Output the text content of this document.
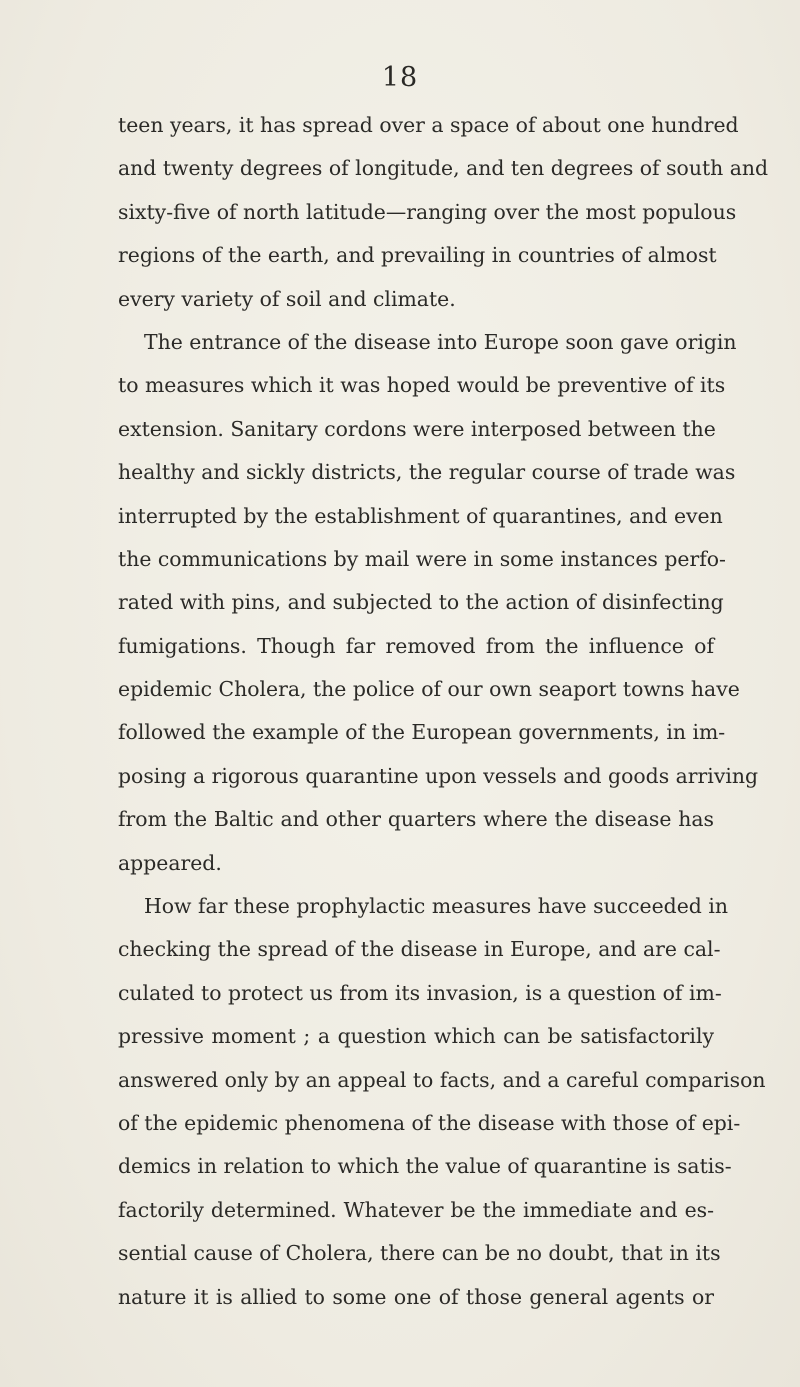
18
teen years, it has spread over a space of about one hundred
and twenty degrees of longitude, and ten degrees of south and
sixty-five of north latitude—ranging over the most populous
regions of the earth, and prevailing in countries of almost
every variety of soil and climate.
The entrance of the disease into Europe soon gave origin
to measures which it was hoped would be preventive of its
extension. Sanitary cordons were interposed between the
healthy and sickly districts, the regular course of trade was
interrupted by the establishment of quarantines, and even
the communications by mail were in some instances perfo-
rated with pins, and subjected to the action of disinfecting
fumigations. Though far removed from the influence of
epidemic Cholera, the police of our own seaport towns have
followed the example of the European governments, in im-
posing a rigorous quarantine upon vessels and goods arriving
from the Baltic and other quarters where the disease has
appeared.
How far these prophylactic measures have succeeded in
checking the spread of the disease in Europe, and are cal-
culated to protect us from its invasion, is a question of im-
pressive moment ; a question which can be satisfactorily
answered only by an appeal to facts, and a careful comparison
of the epidemic phenomena of the disease with those of epi-
demics in relation to which the value of quarantine is satis-
factorily determined. Whatever be the immediate and es-
sential cause of Cholera, there can be no doubt, that in its
nature it is allied to some one of those general agents or
